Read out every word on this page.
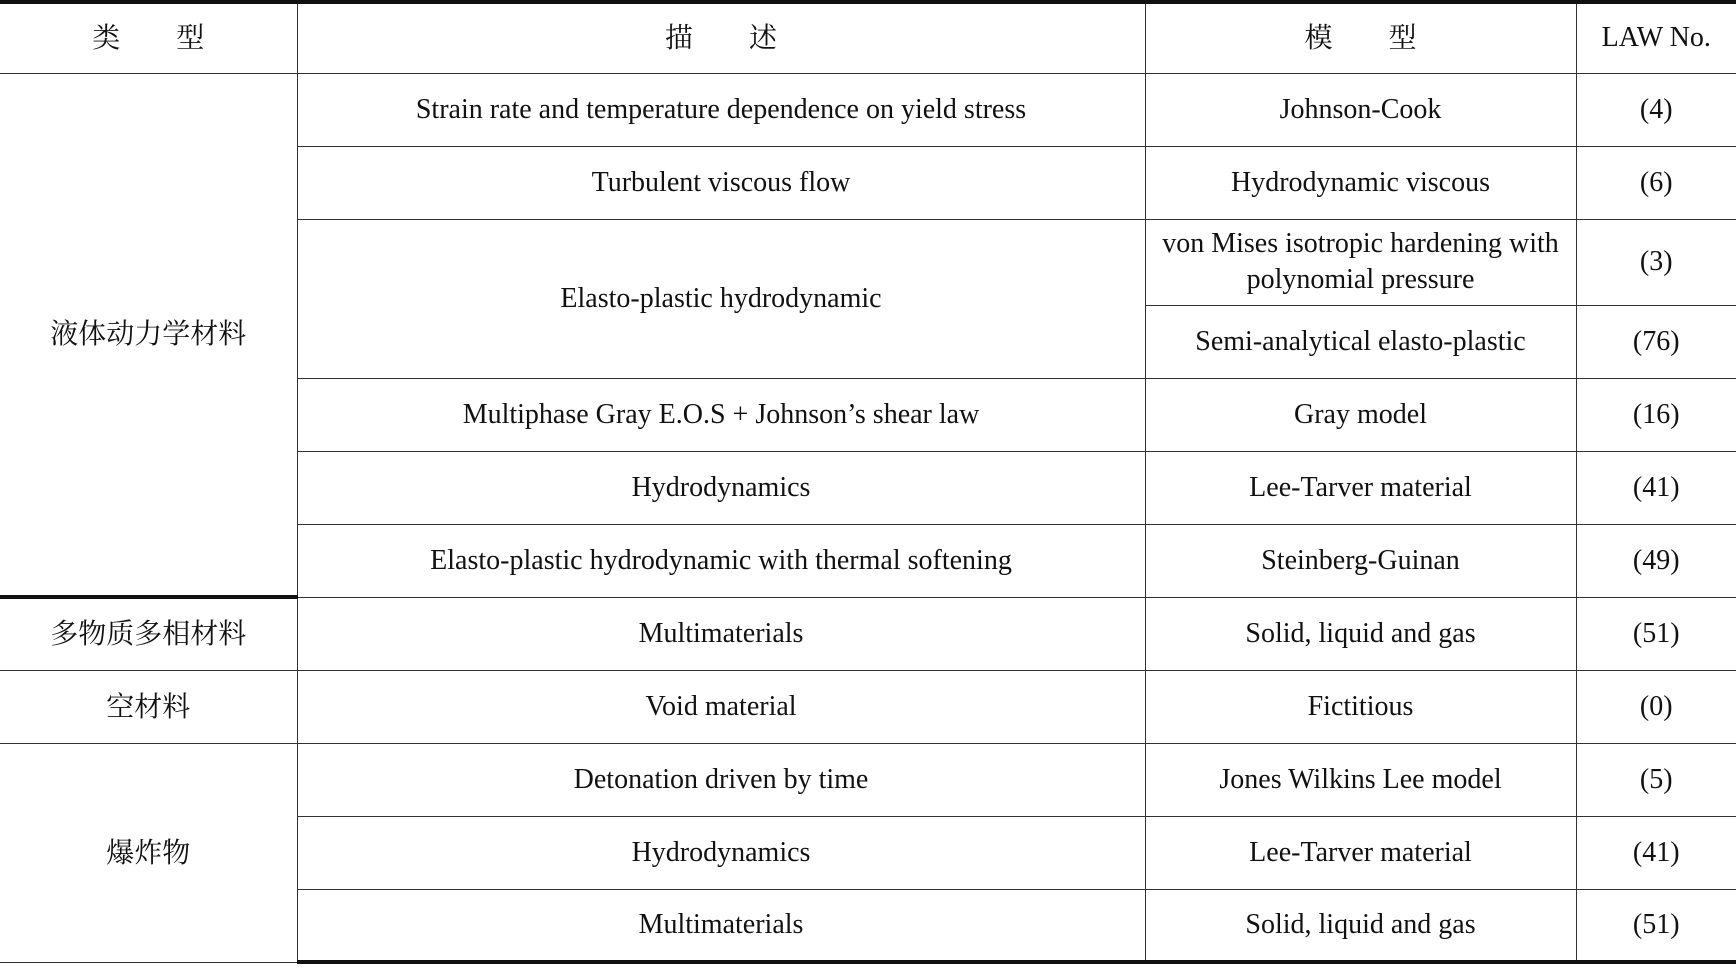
类　　型	描　　述	模　　型	LAW No.
液体动力学材料	Strain rate and temperature dependence on yield stress	Johnson-Cook	(4)
	Turbulent viscous flow	Hydrodynamic viscous	(6)
	Elasto-plastic hydrodynamic	von Mises isotropic hardening with polynomial pressure	(3)
		Semi-analytical elasto-plastic	(76)
	Multiphase Gray E.O.S + Johnson’s shear law	Gray model	(16)
	Hydrodynamics	Lee-Tarver material	(41)
	Elasto-plastic hydrodynamic with thermal softening	Steinberg-Guinan	(49)
多物质多相材料	Multimaterials	Solid, liquid and gas	(51)
空材料	Void material	Fictitious	(0)
爆炸物	Detonation driven by time	Jones Wilkins Lee model	(5)
	Hydrodynamics	Lee-Tarver material	(41)
	Multimaterials	Solid, liquid and gas	(51)
